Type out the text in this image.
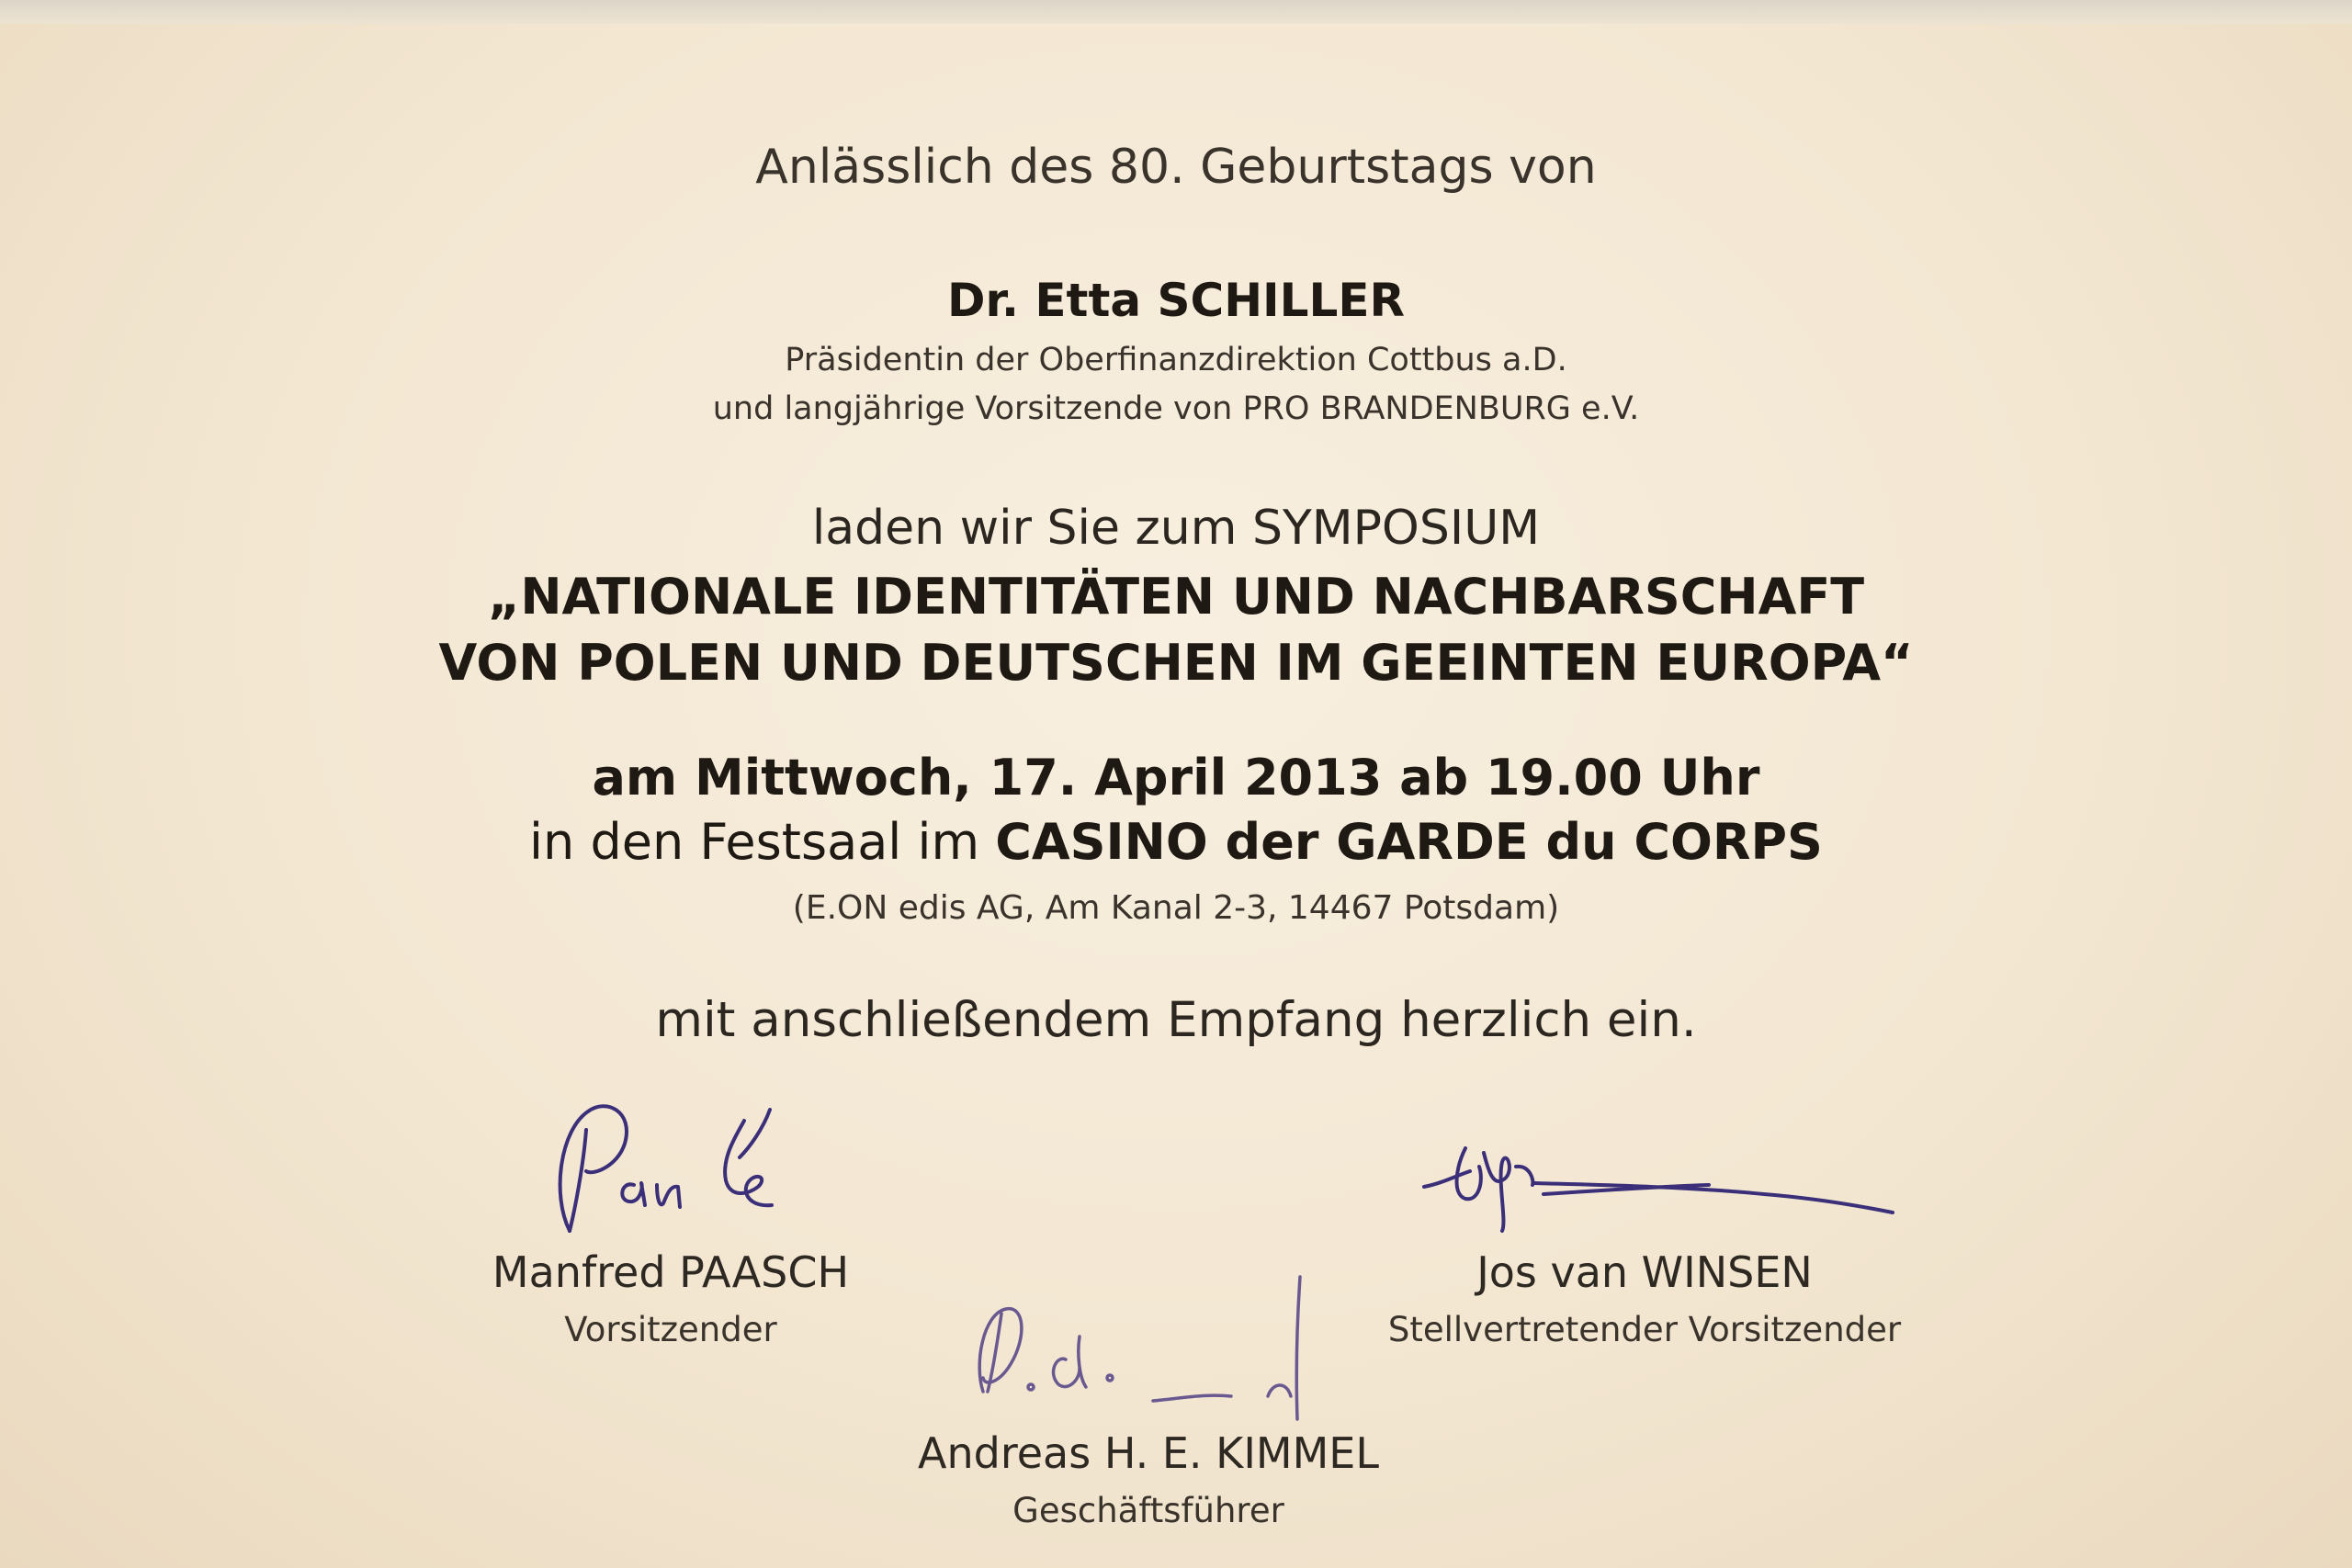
Anlässlich des 80. Geburtstags von
Dr. Etta SCHILLER
Präsidentin der Oberfinanzdirektion Cottbus a.D.
und langjährige Vorsitzende von PRO BRANDENBURG e.V.
laden wir Sie zum SYMPOSIUM
„NATIONALE IDENTITÄTEN UND NACHBARSCHAFT
VON POLEN UND DEUTSCHEN IM GEEINTEN EUROPA“
am Mittwoch, 17. April 2013 ab 19.00 Uhr
in den Festsaal im CASINO der GARDE du CORPS
(E.ON edis AG, Am Kanal 2-3, 14467 Potsdam)
mit anschließendem Empfang herzlich ein.
Manfred PAASCH
Vorsitzender
Jos van WINSEN
Stellvertretender Vorsitzender
Andreas H. E. KIMMEL
Geschäftsführer
